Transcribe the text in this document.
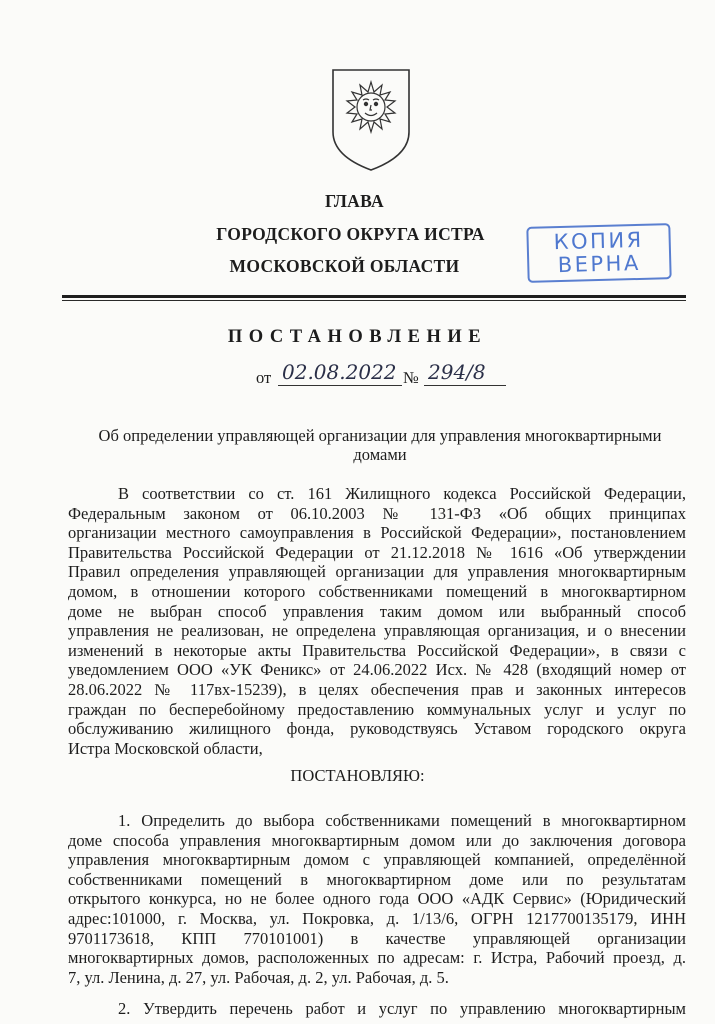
ГЛАВА
ГОРОДСКОГО ОКРУГА ИСТРА
МОСКОВСКОЙ ОБЛАСТИ
КОПИЯ
ВЕРНА
ПОСТАНОВЛЕНИЕ
от 02.08.2022 № 294/8
Об определении управляющей организации для управления многоквартирными
домами
В соответствии со ст. 161 Жилищного кодекса Российской Федерации,
Федеральным законом от 06.10.2003 № 131-ФЗ «Об общих принципах
организации местного самоуправления в Российской Федерации», постановлением
Правительства Российской Федерации от 21.12.2018 № 1616 «Об утверждении
Правил определения управляющей организации для управления многоквартирным
домом, в отношении которого собственниками помещений в многоквартирном
доме не выбран способ управления таким домом или выбранный способ
управления не реализован, не определена управляющая организация, и о внесении
изменений в некоторые акты Правительства Российской Федерации», в связи с
уведомлением ООО «УК Феникс» от 24.06.2022 Исх. № 428 (входящий номер от
28.06.2022 № 117вх-15239), в целях обеспечения прав и законных интересов
граждан по бесперебойному предоставлению коммунальных услуг и услуг по
обслуживанию жилищного фонда, руководствуясь Уставом городского округа
Истра Московской области,
ПОСТАНОВЛЯЮ:
1. Определить до выбора собственниками помещений в многоквартирном
доме способа управления многоквартирным домом или до заключения договора
управления многоквартирным домом с управляющей компанией, определённой
собственниками помещений в многоквартирном доме или по результатам
открытого конкурса, но не более одного года ООО «АДК Сервис» (Юридический
адрес:101000, г. Москва, ул. Покровка, д. 1/13/6, ОГРН 1217700135179, ИНН
9701173618, КПП 770101001) в качестве управляющей организации
многоквартирных домов, расположенных по адресам: г. Истра, Рабочий проезд, д.
7, ул. Ленина, д. 27, ул. Рабочая, д. 2, ул. Рабочая, д. 5.
2. Утвердить перечень работ и услуг по управлению многоквартирным
